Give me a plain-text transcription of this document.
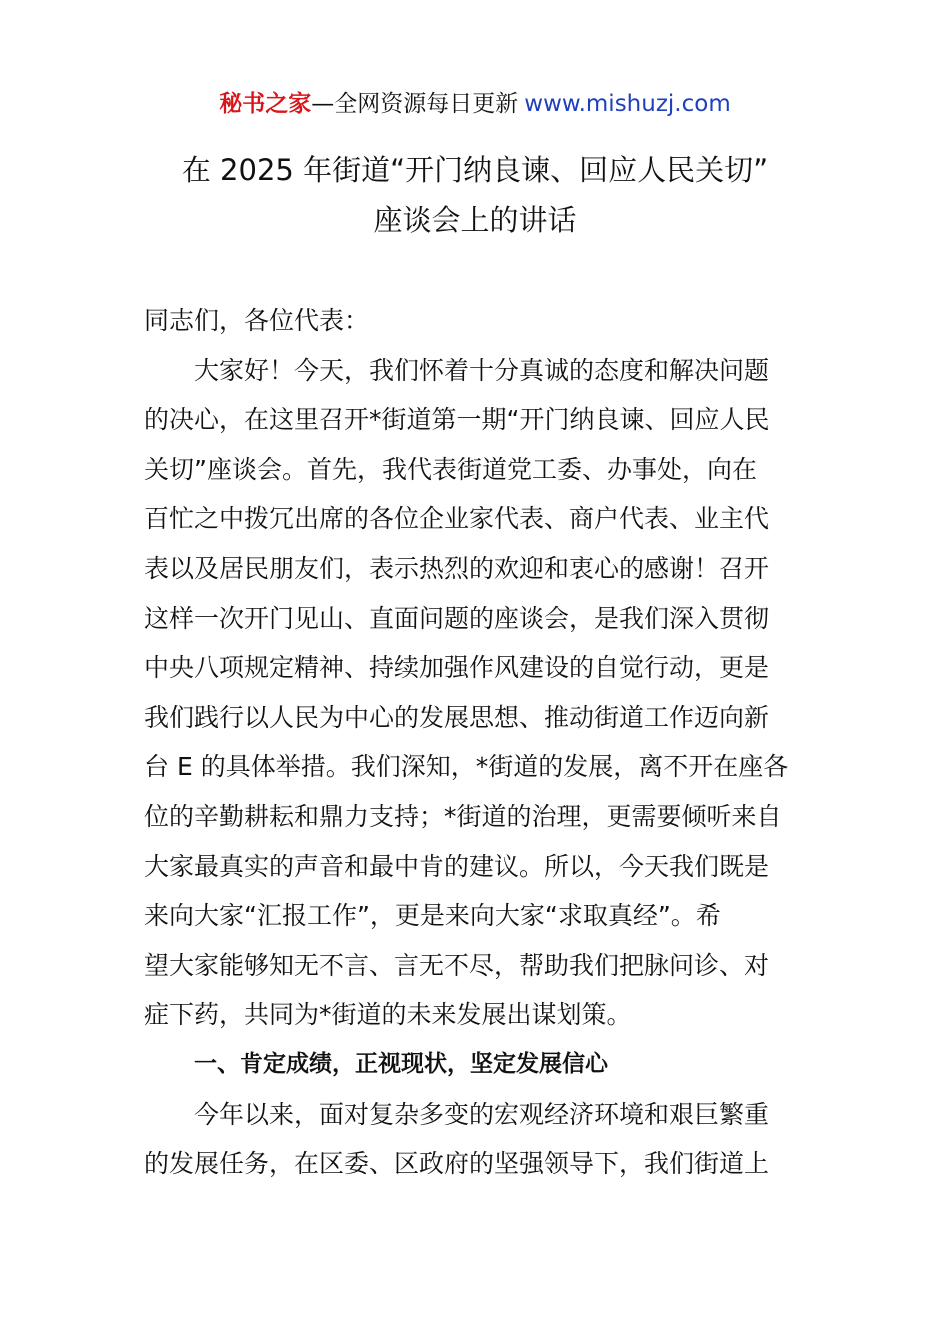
秘书之家—全网资源每日更新 www.mishuzj.com
在 2025 年街道“开门纳良谏、回应人民关切”
座谈会上的讲话

同志们，各位代表：

大家好！今天，我们怀着十分真诚的态度和解决问题
的决心，在这里召开*街道第一期“开门纳良谏、回应人民
关切”座谈会。首先，我代表街道党工委、办事处，向在
百忙之中拨冗出席的各位企业家代表、商户代表、业主代
表以及居民朋友们，表示热烈的欢迎和衷心的感谢！召开
这样一次开门见山、直面问题的座谈会，是我们深入贯彻
中央八项规定精神、持续加强作风建设的自觉行动，更是
我们践行以人民为中心的发展思想、推动街道工作迈向新
台 E 的具体举措。我们深知，*街道的发展，离不开在座各
位的辛勤耕耘和鼎力支持；*街道的治理，更需要倾听来自
大家最真实的声音和最中肯的建议。所以，今天我们既是
来向大家“汇报工作”，更是来向大家“求取真经”。希
望大家能够知无不言、言无不尽，帮助我们把脉问诊、对
症下药，共同为*街道的未来发展出谋划策。

一、肯定成绩，正视现状，坚定发展信心

今年以来，面对复杂多变的宏观经济环境和艰巨繁重
的发展任务，在区委、区政府的坚强领导下，我们街道上
